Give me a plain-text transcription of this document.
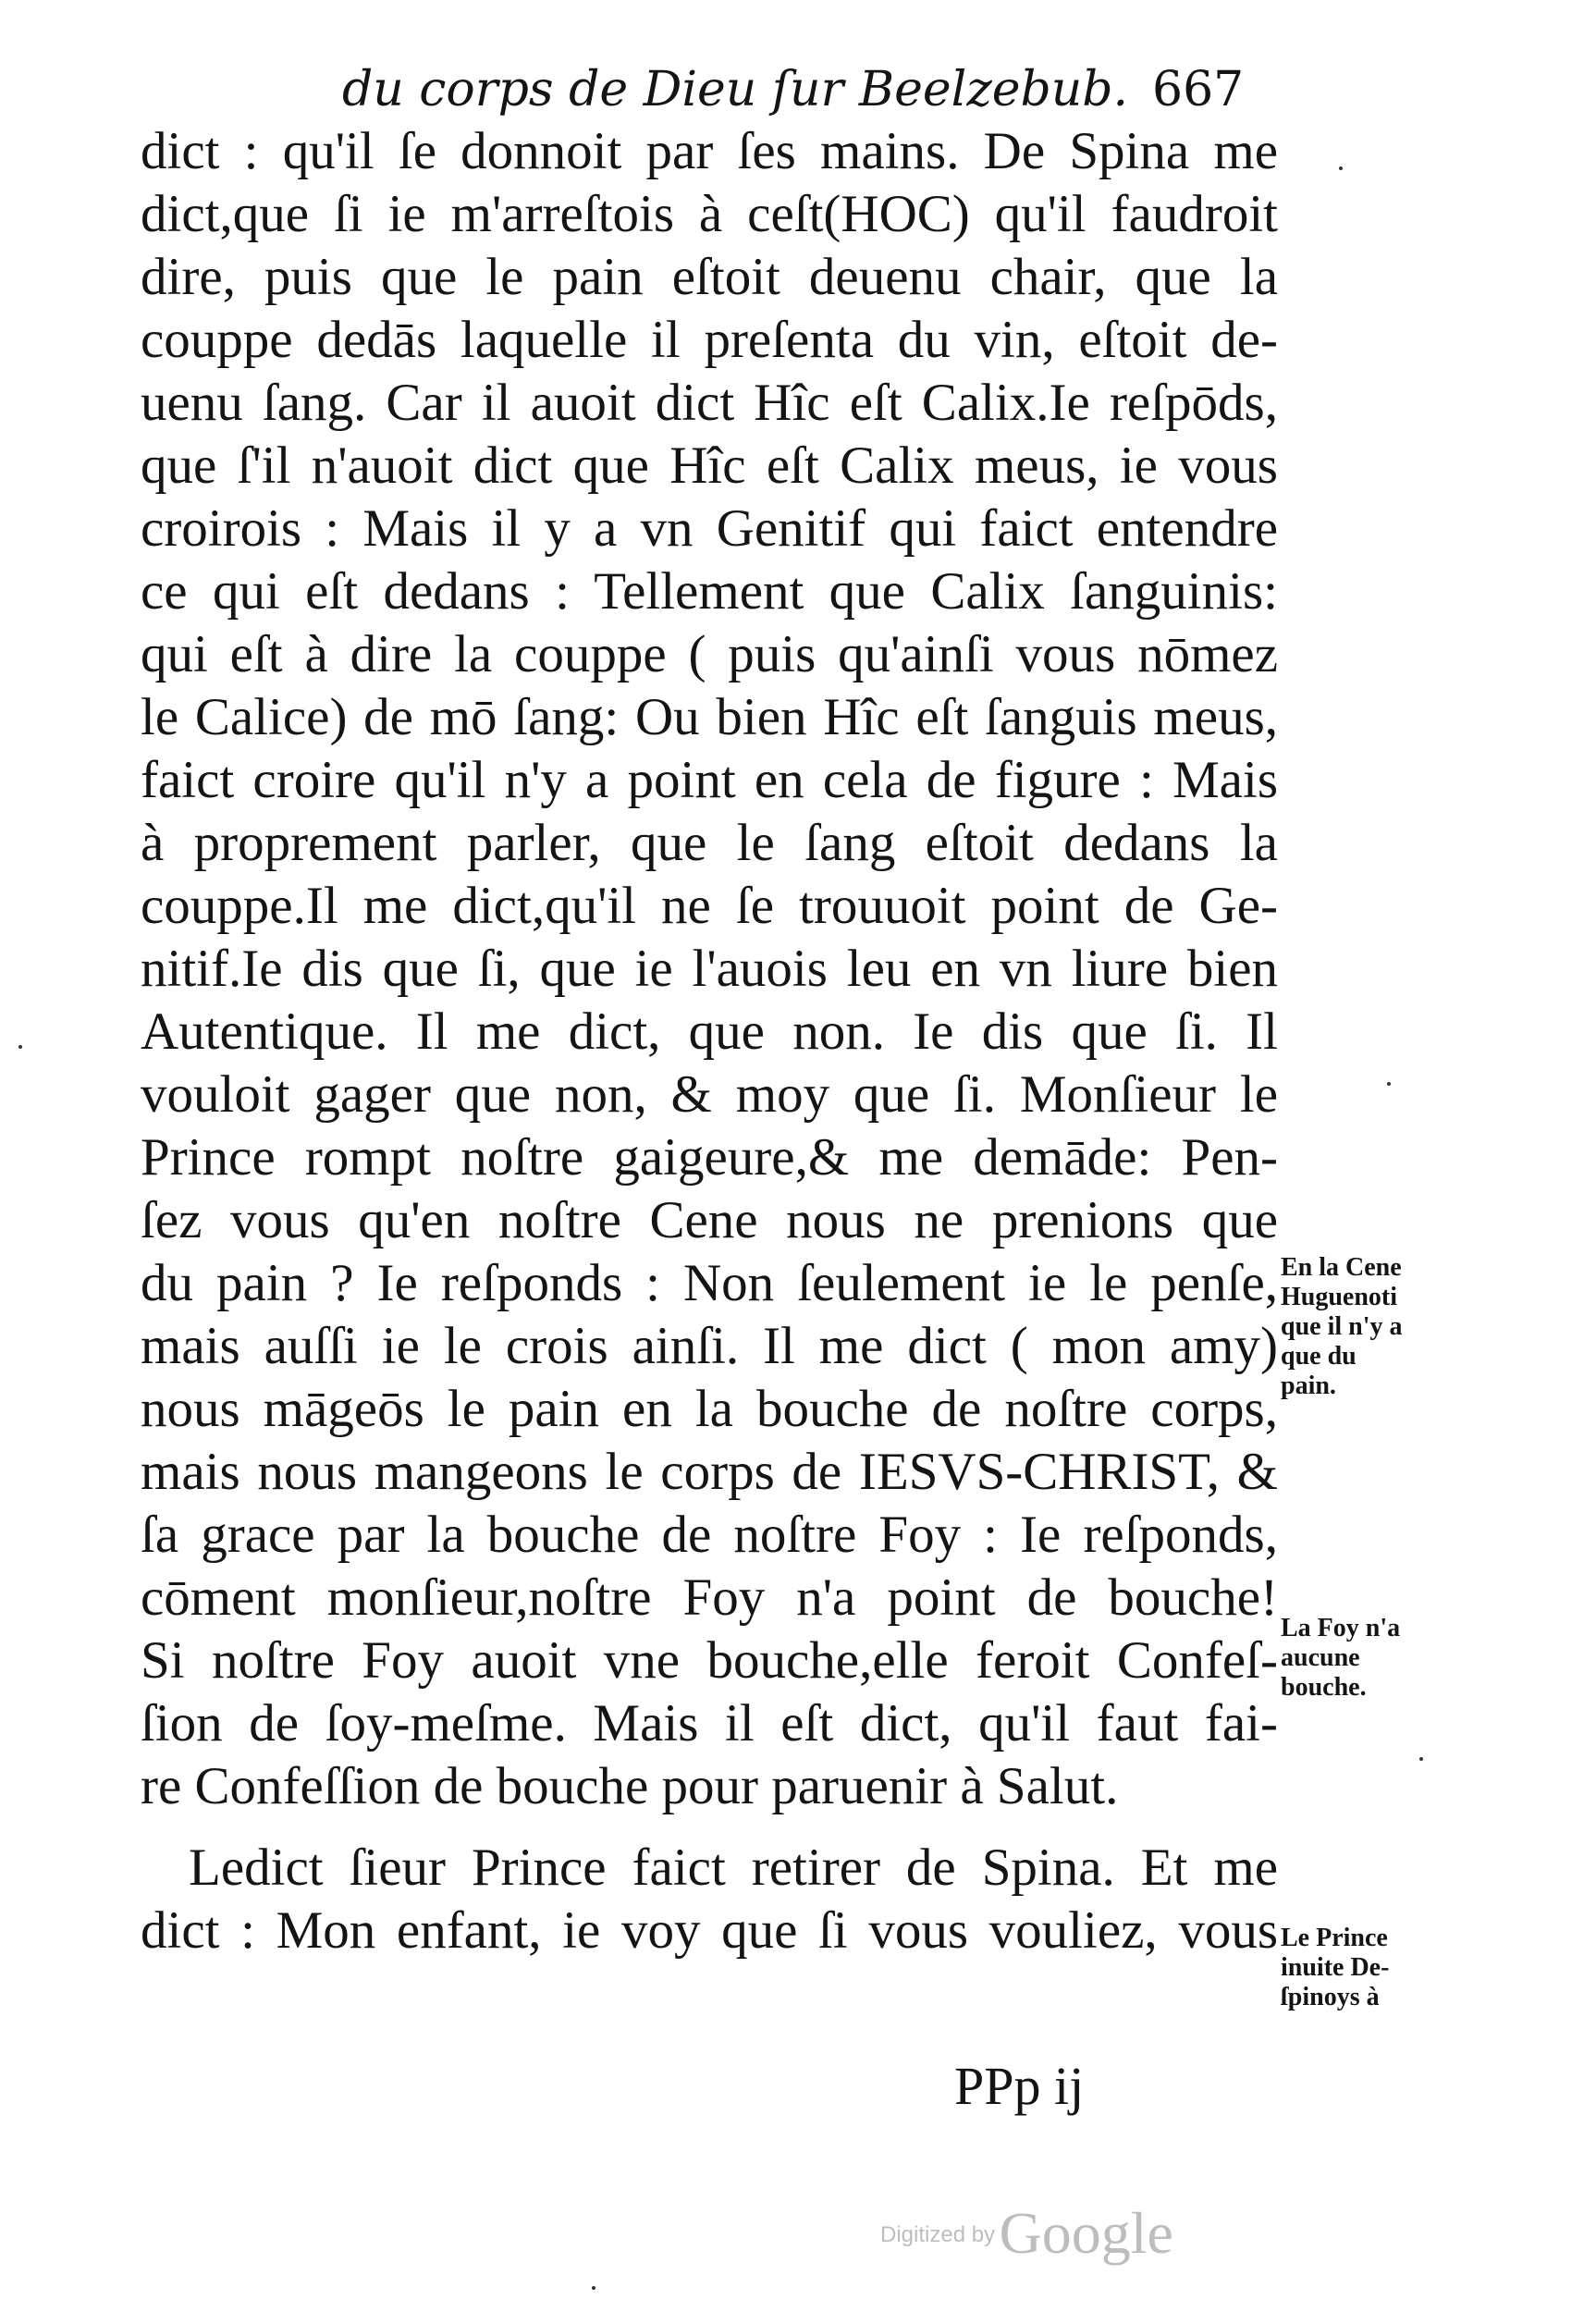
du corps de Dieu ſur Beelzebub. 667
dict : qu'il ſe donnoit par ſes mains. De Spina me
dict,que ſi ie m'arreſtois à ceſt(HOC) qu'il faudroit
dire, puis que le pain eſtoit deuenu chair, que la
couppe dedās laquelle il preſenta du vin, eſtoit de-
uenu ſang. Car il auoit dict Hîc eſt Calix.Ie reſpōds,
que ſ'il n'auoit dict que Hîc eſt Calix meus, ie vous
croirois : Mais il y a vn Genitif qui faict entendre
ce qui eſt dedans : Tellement que Calix ſanguinis:
qui eſt à dire la couppe ( puis qu'ainſi vous nōmez
le Calice) de mō ſang: Ou bien Hîc eſt ſanguis meus,
faict croire qu'il n'y a point en cela de figure : Mais
à proprement parler, que le ſang eſtoit dedans la
couppe.Il me dict,qu'il ne ſe trouuoit point de Ge-
nitif.Ie dis que ſi, que ie l'auois leu en vn liure bien
Autentique. Il me dict, que non. Ie dis que ſi. Il
vouloit gager que non, & moy que ſi. Monſieur le
Prince rompt noſtre gaigeure,& me demāde: Pen-
ſez vous qu'en noſtre Cene nous ne prenions que
du pain ? Ie reſponds : Non ſeulement ie le penſe,
mais auſſi ie le crois ainſi. Il me dict ( mon amy)
nous māgeōs le pain en la bouche de noſtre corps,
mais nous mangeons le corps de IESVS-CHRIST, &
ſa grace par la bouche de noſtre Foy : Ie reſponds,
cōment monſieur,noſtre Foy n'a point de bouche!
Si noſtre Foy auoit vne bouche,elle feroit Confeſ-
ſion de ſoy-meſme. Mais il eſt dict, qu'il faut fai-
re Confeſſion de bouche pour paruenir à Salut.
Ledict ſieur Prince faict retirer de Spina. Et me
dict : Mon enfant, ie voy que ſi vous vouliez, vous
En la Cene
Huguenoti
que il n'y a
que du
pain.
La Foy n'a
aucune
bouche.
Le Prince
inuite De-
ſpinoys à
PPp ij
Digitized by Google
